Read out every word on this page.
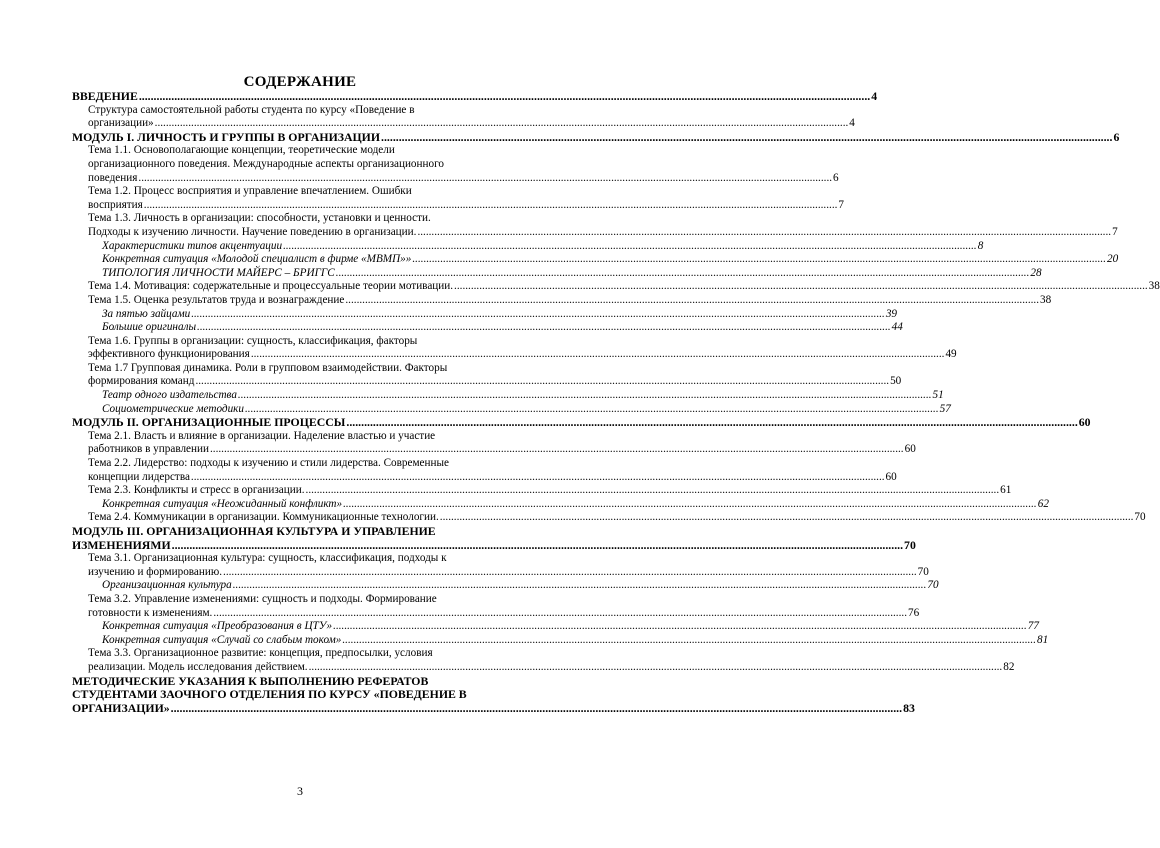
СОДЕРЖАНИЕ
ВВЕДЕНИЕ .....	4
Структура самостоятельной работы студента по курсу «Поведение в
организации» .....	4
МОДУЛЬ I. ЛИЧНОСТЬ И ГРУППЫ В ОРГАНИЗАЦИИ .....	6
Тема 1.1. Основополагающие концепции, теоретические модели
организационного поведения. Международные аспекты организационного
поведения .....	6
Тема 1.2. Процесс восприятия и управление впечатлением. Ошибки
восприятия .....	7
Тема 1.3. Личность в организации: способности, установки и ценности.
Подходы к изучению личности. Научение поведению в организации. .....	7
Характеристики типов акцентуации .....	8
Конкретная ситуация «Молодой специалист в фирме «МВМП»» .....	20
ТИПОЛОГИЯ ЛИЧНОСТИ МАЙЕРС – БРИГГС .....	28
Тема 1.4. Мотивация: содержательные и процессуальные теории мотивации. .....	38
Тема 1.5. Оценка результатов труда и вознаграждение .....	38
За пятью зайцами .....	39
Большие оригиналы .....	44
Тема 1.6. Группы в организации: сущность, классификация, факторы
эффективного функционирования .....	49
Тема 1.7 Групповая динамика. Роли в групповом взаимодействии. Факторы
формирования команд .....	50
Театр одного издательства .....	51
Социометрические методики .....	57
МОДУЛЬ II. ОРГАНИЗАЦИОННЫЕ ПРОЦЕССЫ .....	60
Тема 2.1. Власть и влияние в организации. Наделение властью и участие
работников в управлении .....	60
Тема 2.2. Лидерство: подходы к изучению и стили лидерства. Современные
концепции лидерства .....	60
Тема 2.3. Конфликты и стресс в организации. .....	61
Конкретная ситуация «Неожиданный конфликт» .....	62
Тема 2.4. Коммуникации в организации. Коммуникационные технологии. .....	70
МОДУЛЬ III. ОРГАНИЗАЦИОННАЯ КУЛЬТУРА И УПРАВЛЕНИЕ
ИЗМЕНЕНИЯМИ .....	70
Тема 3.1. Организационная культура: сущность, классификация, подходы к
изучению и формированию. .....	70
Организационная культура .....	70
Тема 3.2. Управление изменениями: сущность и подходы. Формирование
готовности к изменениям. .....	76
Конкретная ситуация «Преобразования в ЦТУ» .....	77
Конкретная ситуация «Случай со слабым током» .....	81
Тема 3.3. Организационное развитие: концепция, предпосылки, условия
реализации. Модель исследования действием. .....	82
МЕТОДИЧЕСКИЕ УКАЗАНИЯ К ВЫПОЛНЕНИЮ РЕФЕРАТОВ
СТУДЕНТАМИ ЗАОЧНОГО ОТДЕЛЕНИЯ ПО КУРСУ «ПОВЕДЕНИЕ В
ОРГАНИЗАЦИИ» .....	83
3
